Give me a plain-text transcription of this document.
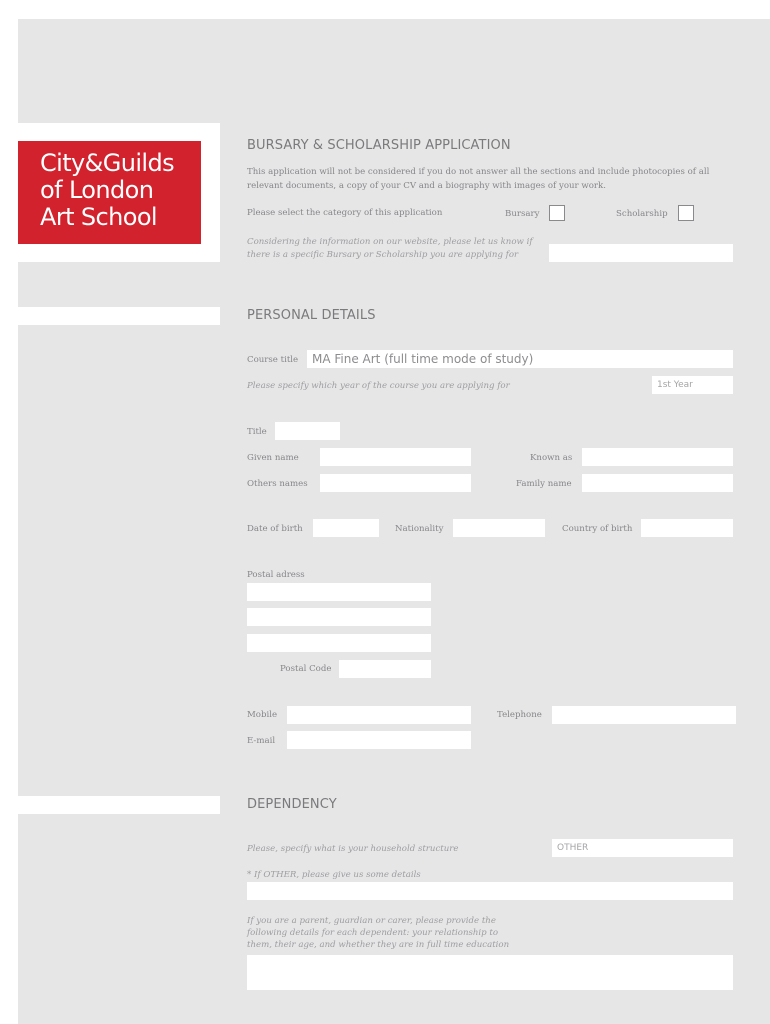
City&Guilds
of London
Art School
BURSARY & SCHOLARSHIP APPLICATION
This application will not be considered if you do not answer all the sections and include photocopies of all
relevant documents, a copy of your CV and a biography with images of your work.
Please select the category of this application	Bursary	Scholarship
Considering the information on our website, please let us know if
there is a specific Bursary or Scholarship you are applying for
PERSONAL DETAILS
Course title
MA Fine Art (full time mode of study)
Please specify which year of the course you are applying for
1st Year
Title
Given name	Known as
Others names	Family name
Date of birth	Nationality	Country of birth
Postal adress
Postal Code
Mobile	Telephone
E-mail
DEPENDENCY
Please, specify what is your household structure
OTHER
* If OTHER, please give us some details
If you are a parent, guardian or carer, please provide the
following details for each dependent: your relationship to
them, their age, and whether they are in full time education
